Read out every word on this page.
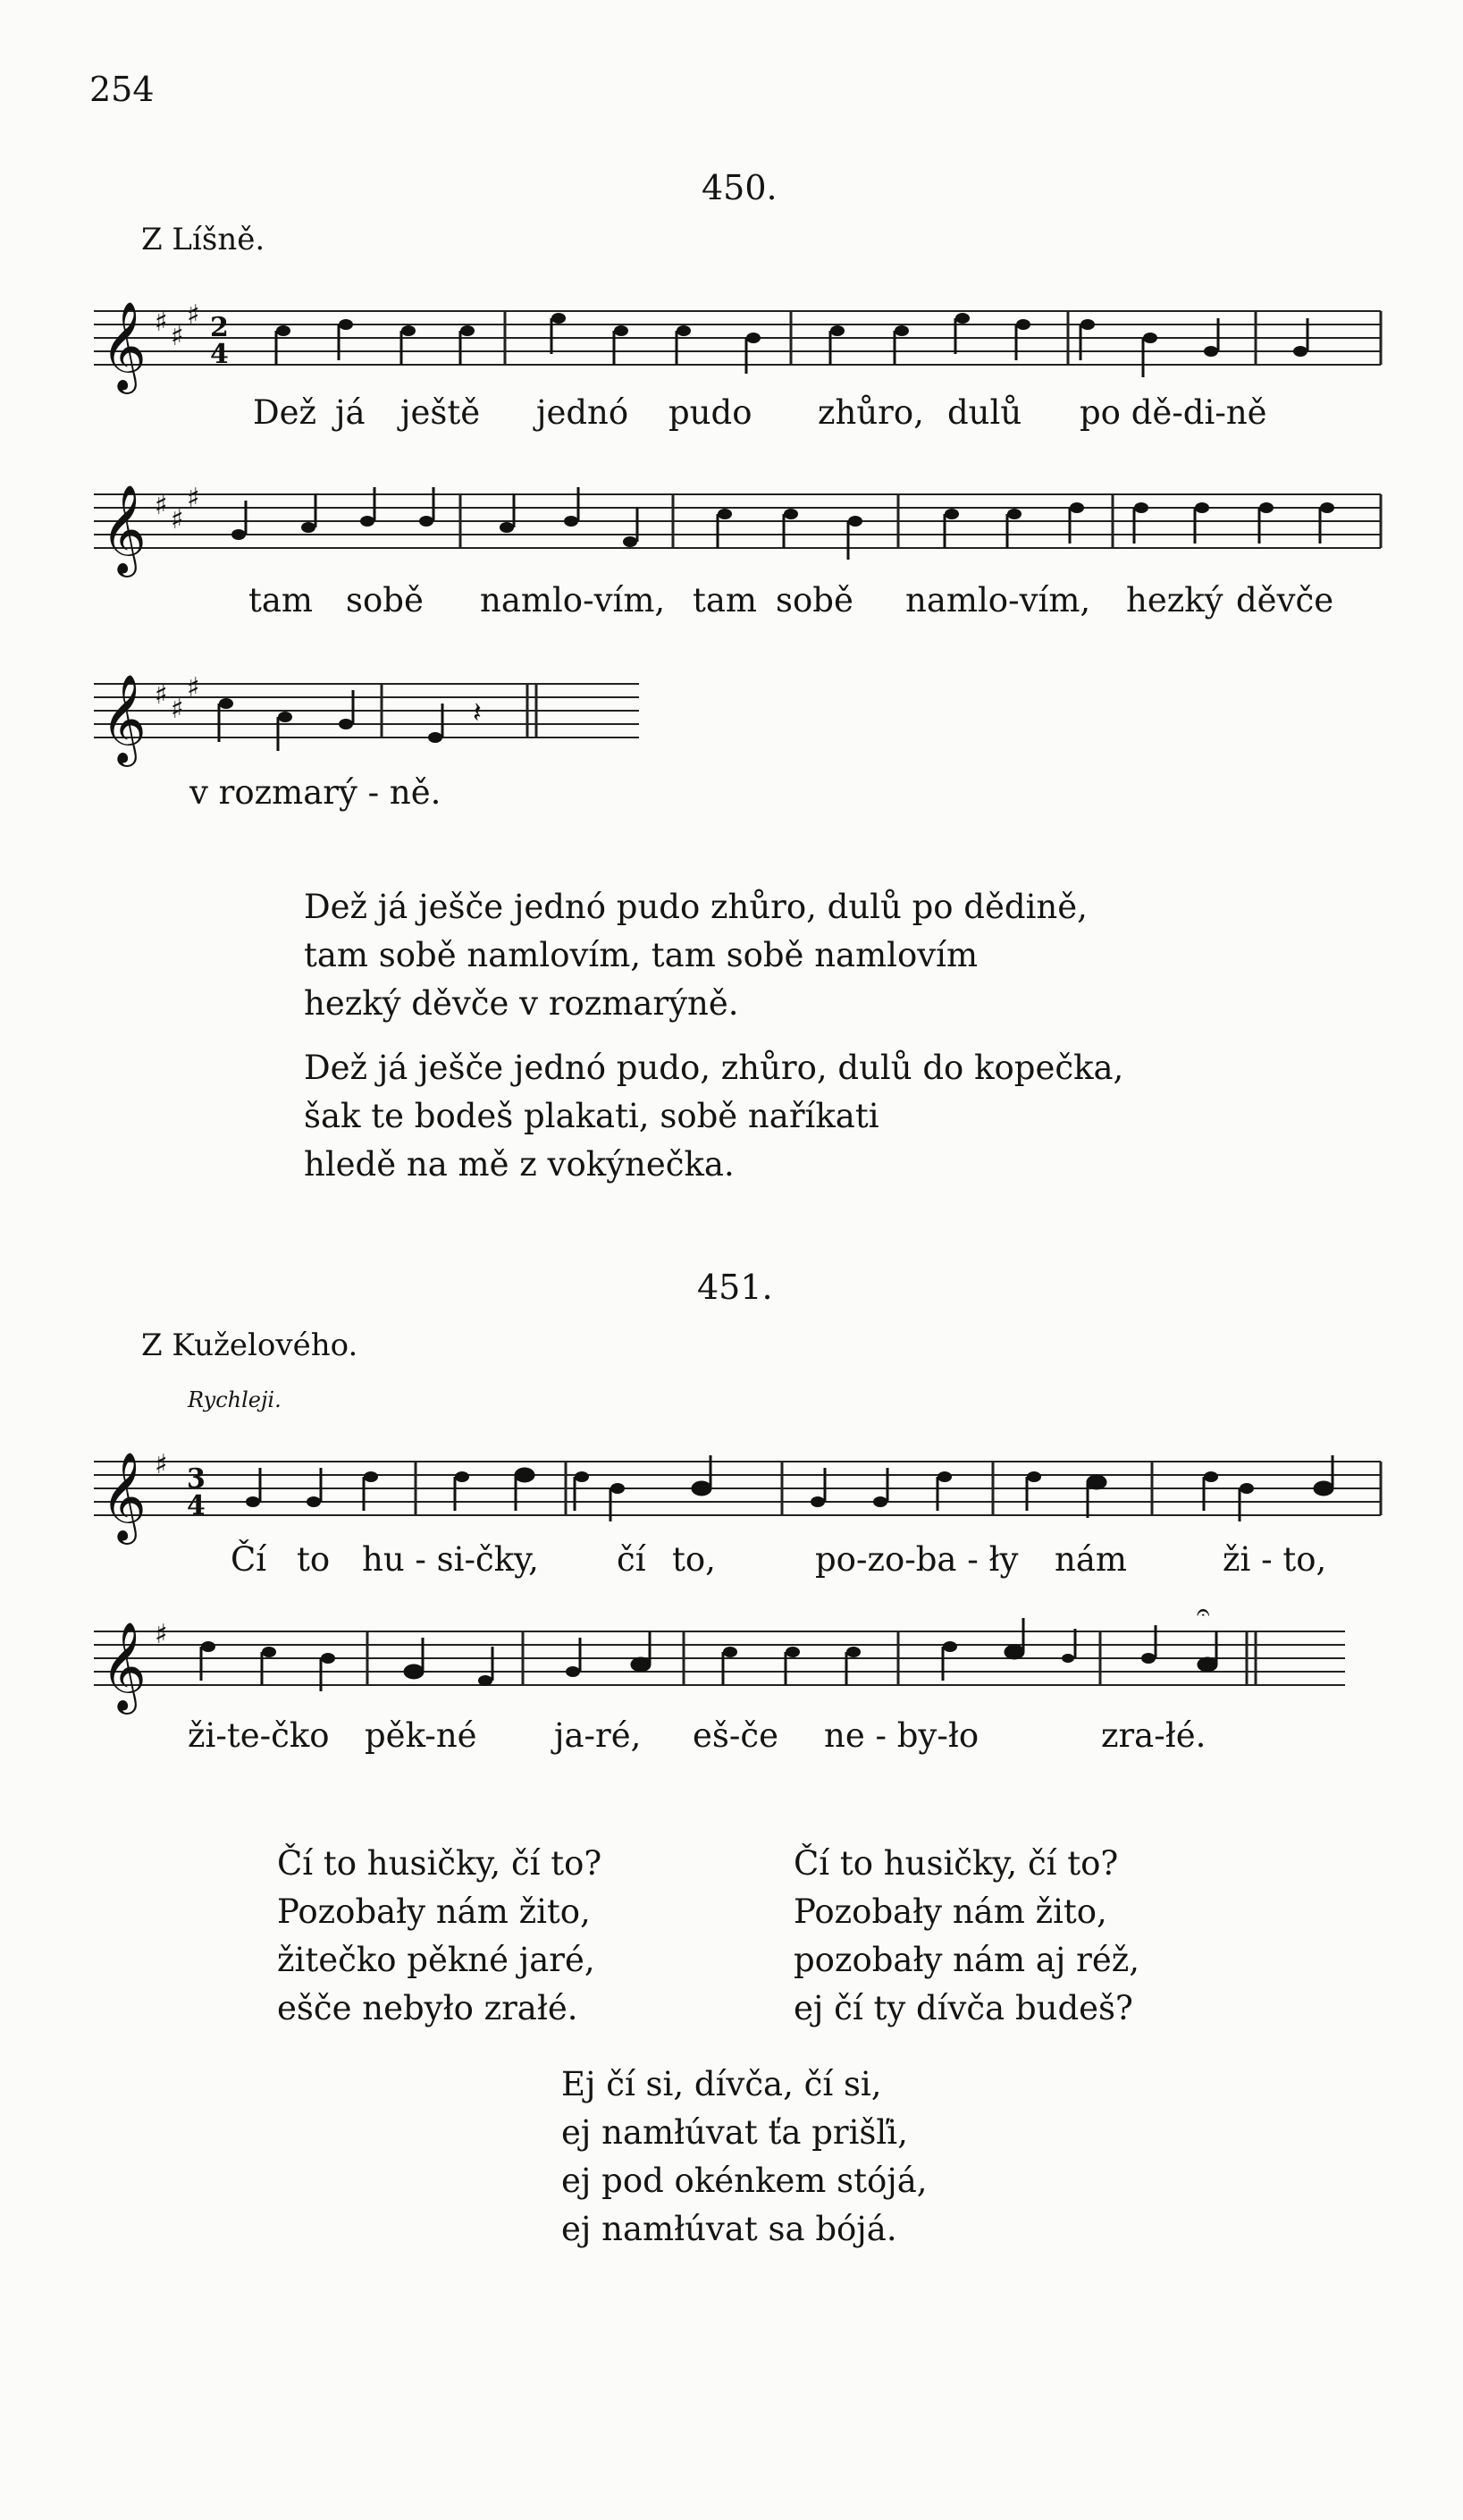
254
450.
Z Líšně.
𝄞 ♯ ♯
♯ 2
4
Dež já ještě jednó pudo zhůro, dulů po dě-di-ně
𝄞 ♯ ♯
♯
tam sobě namlo-vím, tam sobě namlo-vím, hezký děvče
𝄞 ♯ ♯
♯
𝄽
v rozmarý - ně.
Dež já ješče jednó pudo zhůro, dulů po dědině,
tam sobě namlovím, tam sobě namlovím
hezký děvče v rozmarýně.
Dež já ješče jednó pudo, zhůro, dulů do kopečka,
šak te bodeš plakati, sobě naříkati
hledě na mě z vokýnečka.
451.
Z Kuželového.
Rychleji.
𝄞 ♯ 3
4
Čí to hu - si-čky, čí to,	po-zo-ba - ły nám	ži - to,
𝄞 ♯
𝄐
ži-te-čko pěk-né ja-ré, eš-če ne - by-ło	zra-łé.
Čí to husičky, čí to?
Pozobały nám žito,
žitečko pěkné jaré,
ešče nebyło zrałé.
Čí to husičky, čí to?
Pozobały nám žito,
pozobały nám aj réž,
ej čí ty dívča budeš?
Ej čí si, dívča, čí si,
ej namłúvat ťa prišľi,
ej pod okénkem stójá,
ej namłúvat sa bójá.
